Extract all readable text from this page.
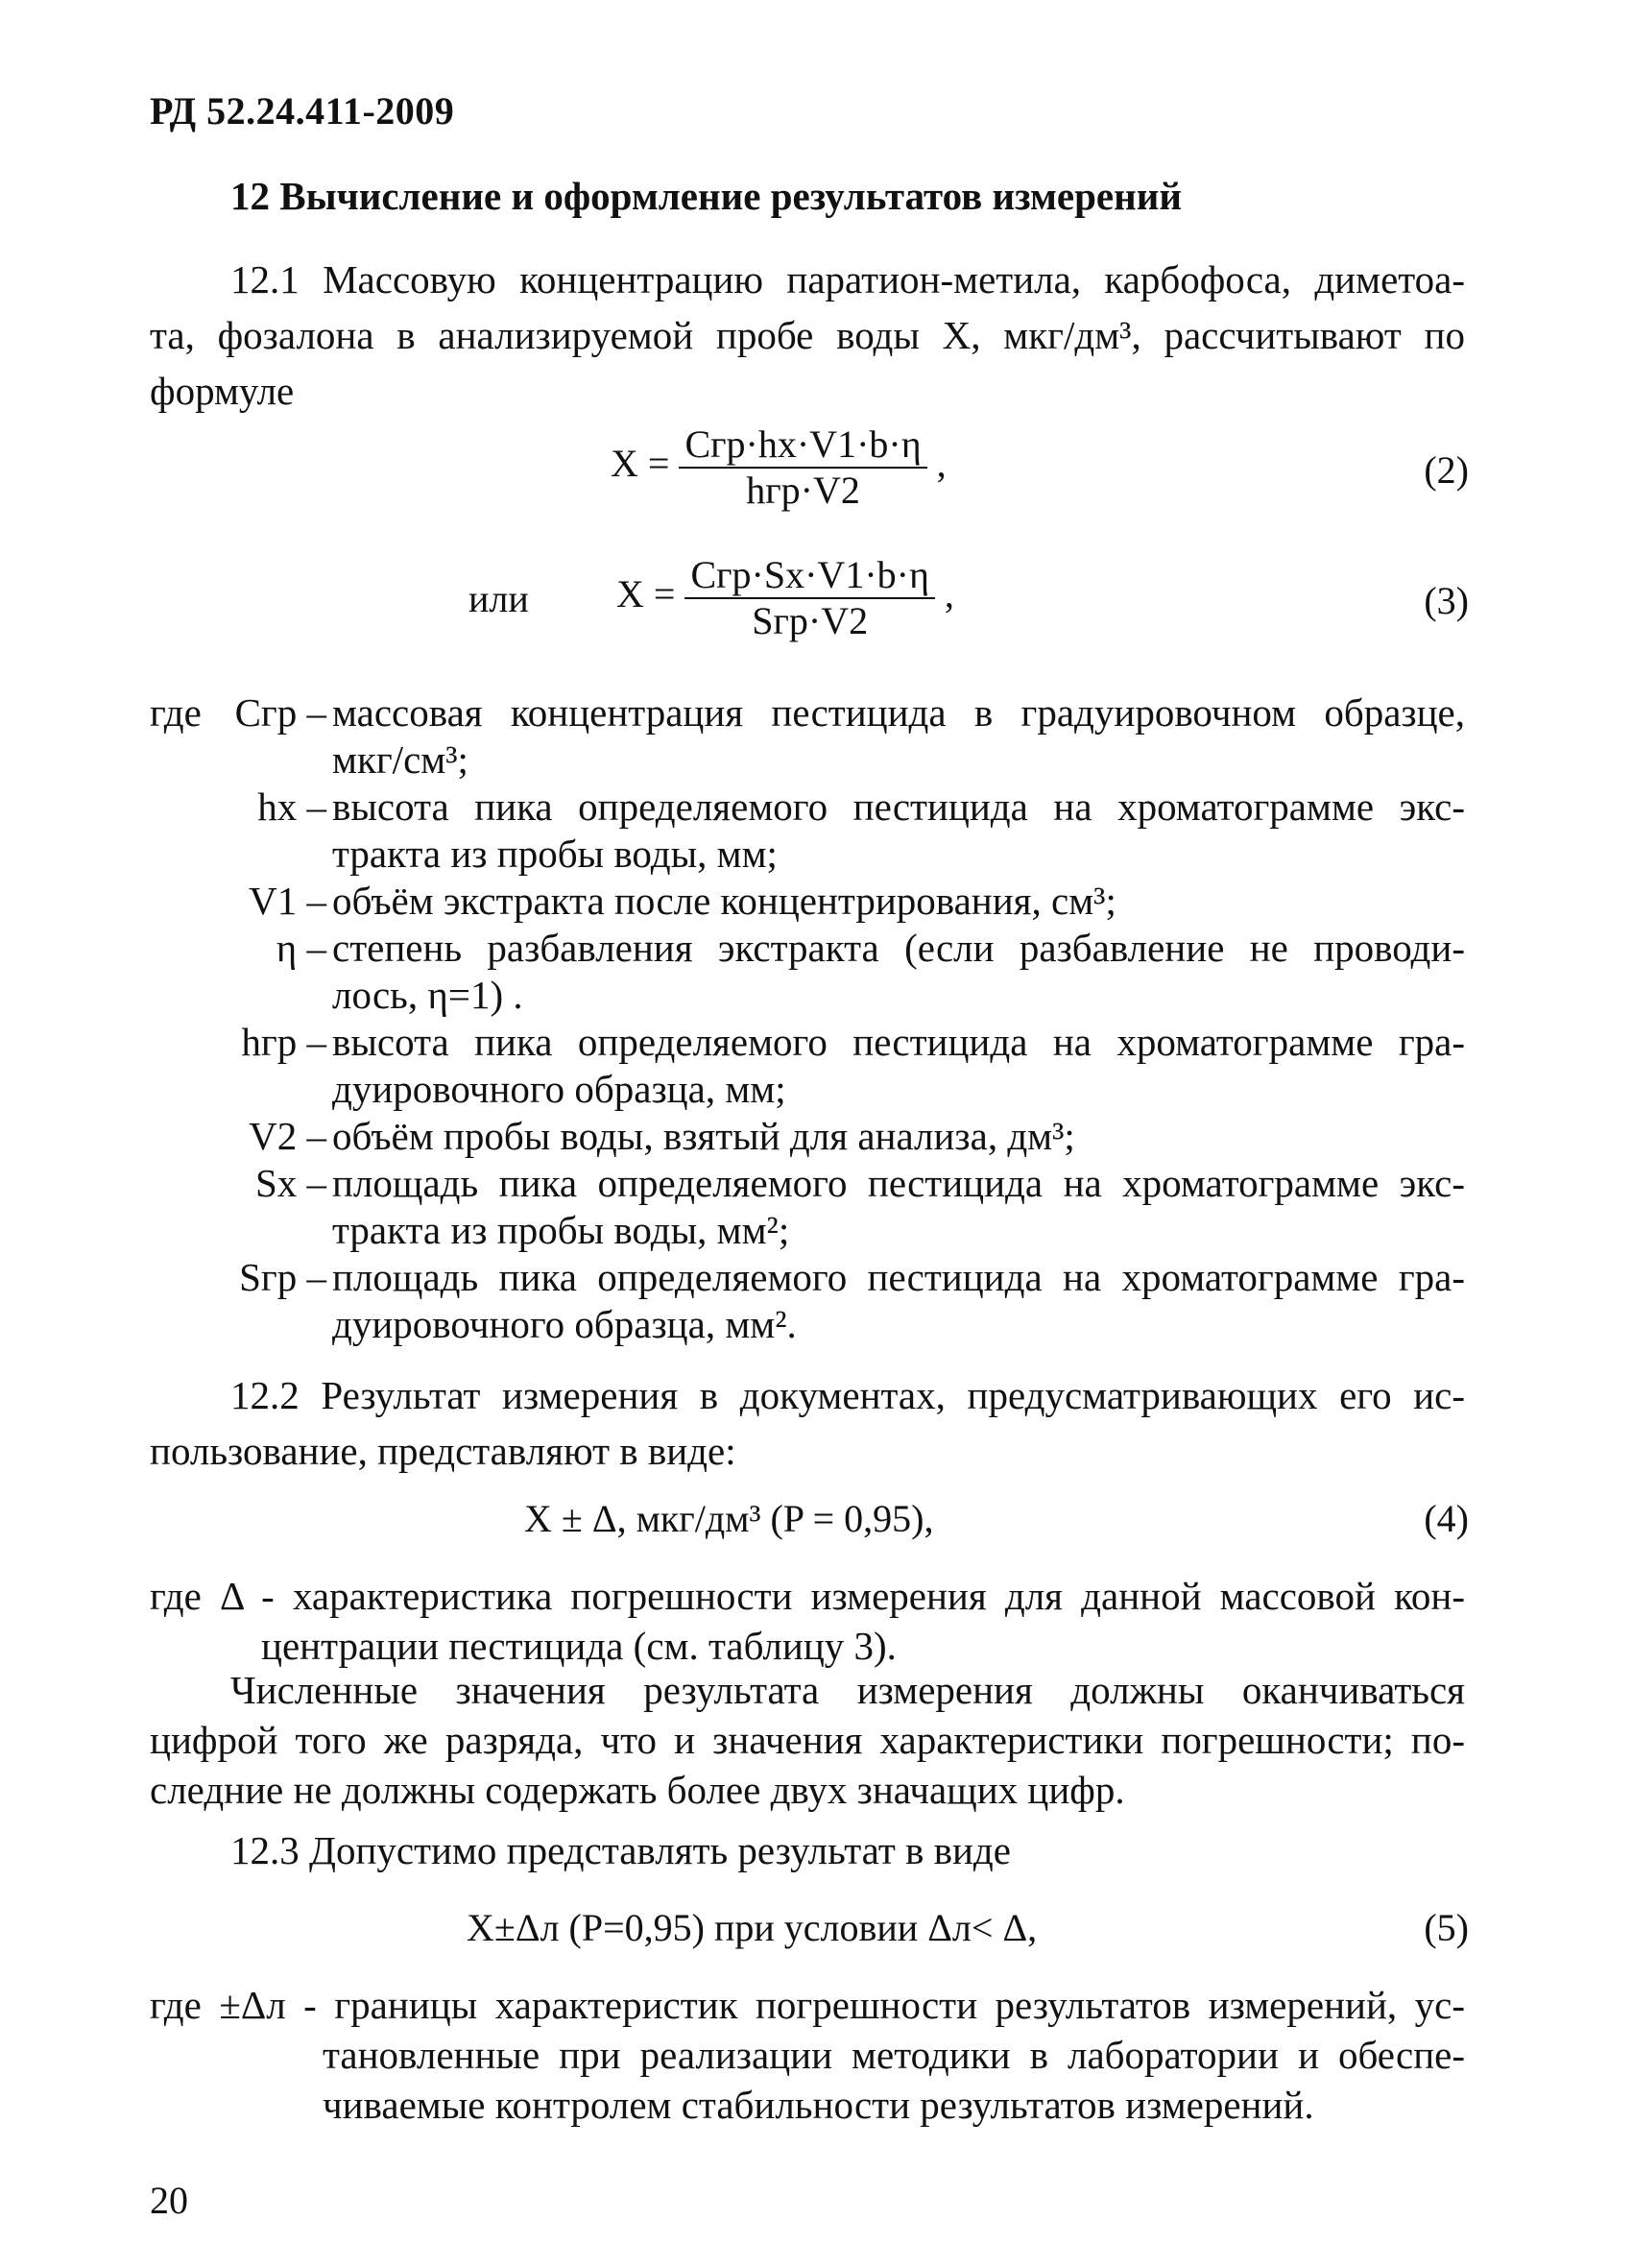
РД 52.24.411-2009
12 Вычисление и оформление результатов измерений
12.1 Массовую концентрацию паратион-метила, карбофоса, диметоа-
та, фозалона в анализируемой пробе воды X, мкг/дм³, рассчитывают по
формуле
$X = \frac{\text{Cгр·hx·V1·b·η}}{\text{hгр·V2}}$ ,	(2)
или $X = \frac{\text{Cгр·Sx·V1·b·η}}{\text{Sгр·V2}}$ ,	(3)
где Cгр – массовая концентрация пестицида в градуировочном образце,
мкг/см³;
hx – высота пика определяемого пестицида на хроматограмме экс-
тракта из пробы воды, мм;
V1 – объём экстракта после концентрирования, см³;
η – степень разбавления экстракта (если разбавление не проводи-
лось, η=1) .
hгр – высота пика определяемого пестицида на хроматограмме гра-
дуировочного образца, мм;
V2 – объём пробы воды, взятый для анализа, дм³;
Sx – площадь пика определяемого пестицида на хроматограмме экс-
тракта из пробы воды, мм²;
Sгр – площадь пика определяемого пестицида на хроматограмме гра-
дуировочного образца, мм².
12.2 Результат измерения в документах, предусматривающих его ис-
пользование, представляют в виде:
X ± Δ, мкг/дм³ (P = 0,95),	(4)
где Δ - характеристика погрешности измерения для данной массовой кон-
центрации пестицида (см. таблицу 3).
Численные значения результата измерения должны оканчиваться
цифрой того же разряда, что и значения характеристики погрешности; по-
следние не должны содержать более двух значащих цифр.
12.3 Допустимо представлять результат в виде
X±Δл (P=0,95) при условии Δл< Δ,	(5)
где ±Δл - границы характеристик погрешности результатов измерений, ус-
тановленные при реализации методики в лаборатории и обеспе-
чиваемые контролем стабильности результатов измерений.
20
